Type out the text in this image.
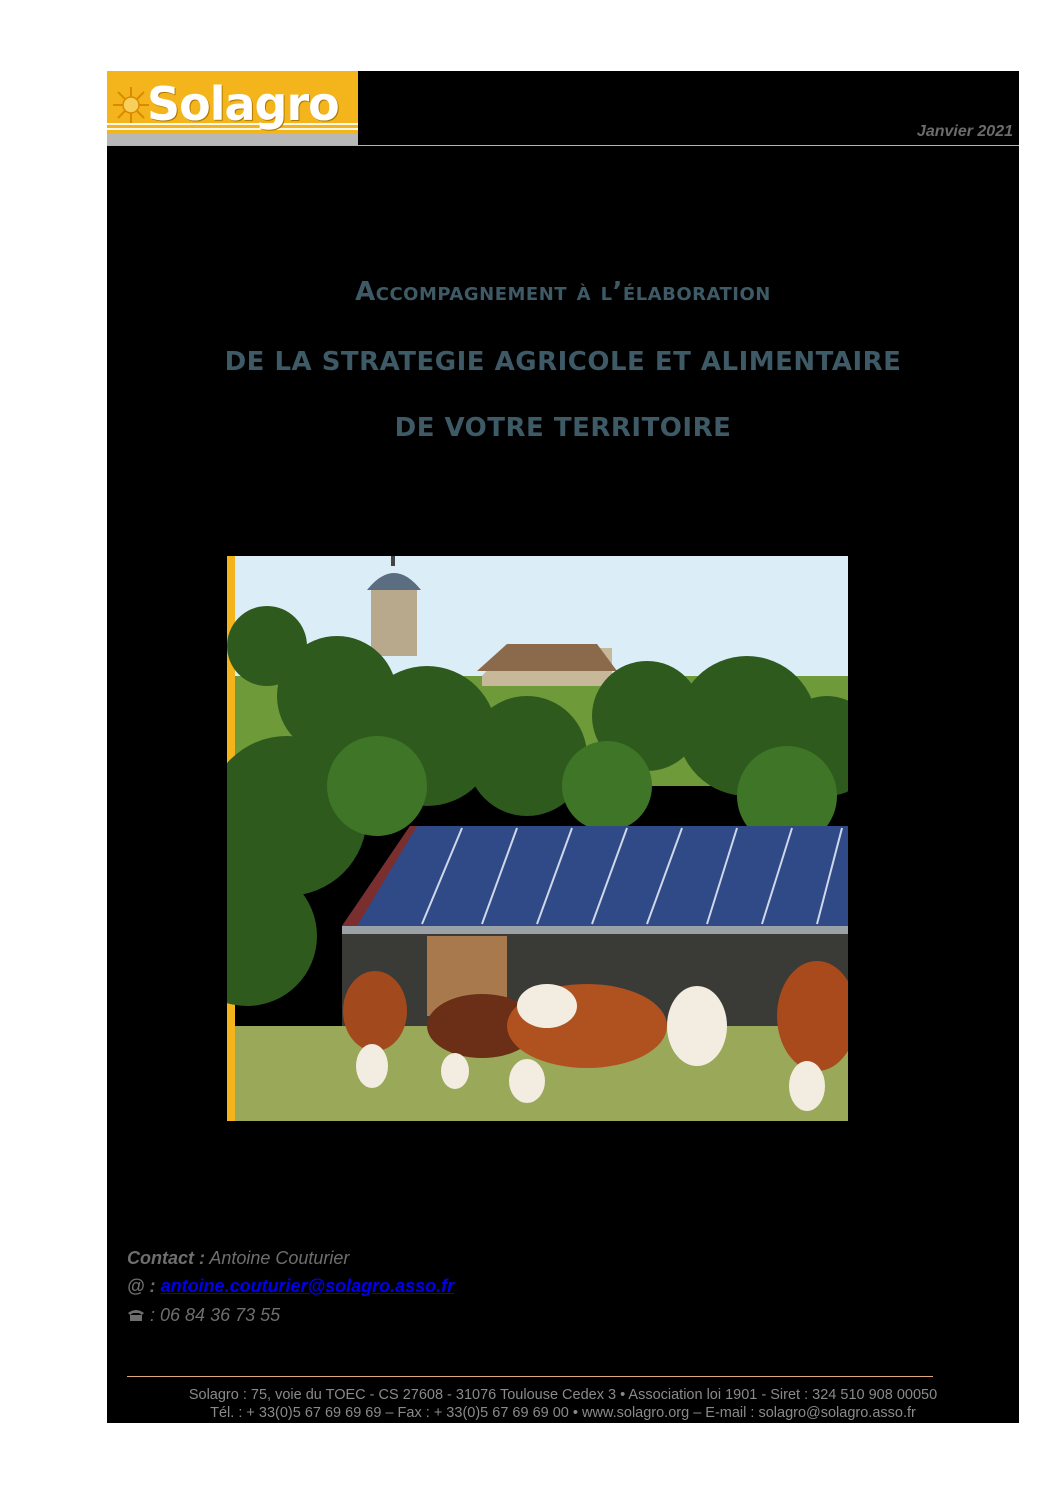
Solagro
Janvier 2021
Accompagnement à l’élaboration
DE LA STRATEGIE AGRICOLE ET ALIMENTAIRE
DE VOTRE TERRITOIRE
Contact : Antoine Couturier
@ : antoine.couturier@solagro.asso.fr
: 06 84 36 73 55
Solagro : 75, voie du TOEC - CS 27608 - 31076 Toulouse Cedex 3 • Association loi 1901 - Siret : 324 510 908 00050
Tél. : + 33(0)5 67 69 69 69 – Fax : + 33(0)5 67 69 69 00 • www.solagro.org – E-mail : solagro@solagro.asso.fr
